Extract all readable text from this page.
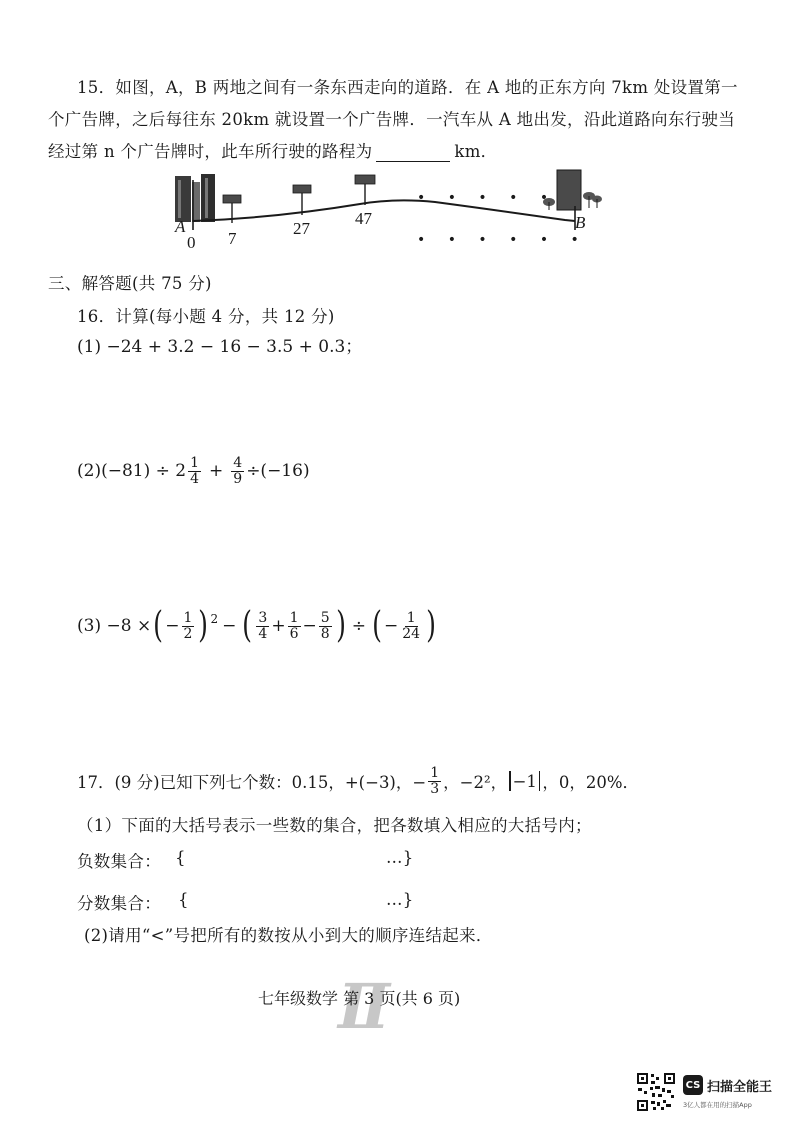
15．如图，A，B 两地之间有一条东西走向的道路．在 A 地的正东方向 7km 处设置第一
个广告牌，之后每往东 20km 就设置一个广告牌．一汽车从 A 地出发，沿此道路向东行驶当
经过第 n 个广告牌时，此车所行驶的路程为	km．
A
0 7
27
47	B
• • • • •
• • • • • •
三、解答题(共 75 分)
16．计算(每小题 4 分，共 12 分)
(1) −24 + 3.2 − 16 − 3.5 + 0.3；
$(2)(-81) \div 2 \frac{1}{4} + \frac{4}{9} \div(-16)$
(3) −8 × ( − $\frac{1}{2} )^2$ − ( $\frac{3}{4} + \frac{1}{6} - \frac{5}{8}$ ) ÷ ( − $\frac{1}{24}$ )
17．(9 分)已知下列七个数：0.15，+(−3)，− $\frac{1}{3}$ ，−2²， −1 ，0，20%．
（1）下面的大括号表示一些数的集合，把各数填入相应的大括号内；
负数集合： {	…}
分数集合： {	…}
(2)请用“<”号把所有的数按从小到大的顺序连结起来．
II
七年级数学 第 3 页(共 6 页)
CS 扫描全能王
3亿人都在用的扫描App
